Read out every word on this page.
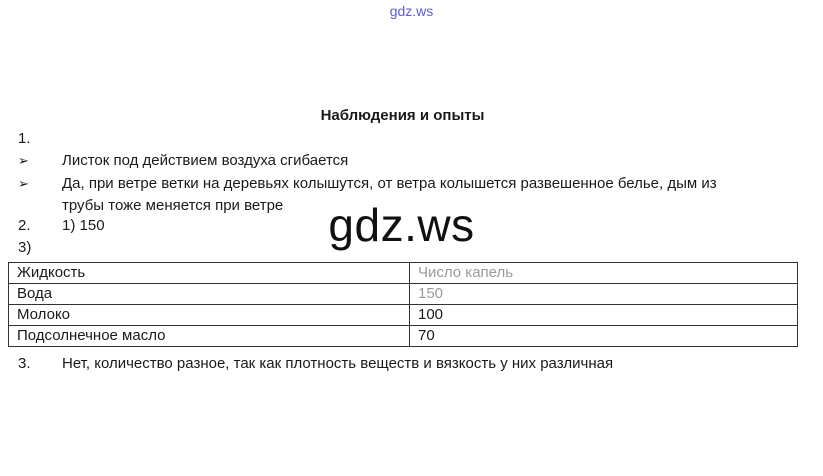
gdz.ws
Наблюдения и опыты
1.
➢ Листок под действием воздуха сгибается
➢ Да, при ветре ветки на деревьях колышутся, от ветра колышется развешенное белье, дым из
трубы тоже меняется при ветре
2. 1) 150
3)
Жидкость	Число капель
Вода	150
Молоко	100
Подсолнечное масло	70
gdz.ws
3. Нет, количество разное, так как плотность веществ и вязкость у них различная
